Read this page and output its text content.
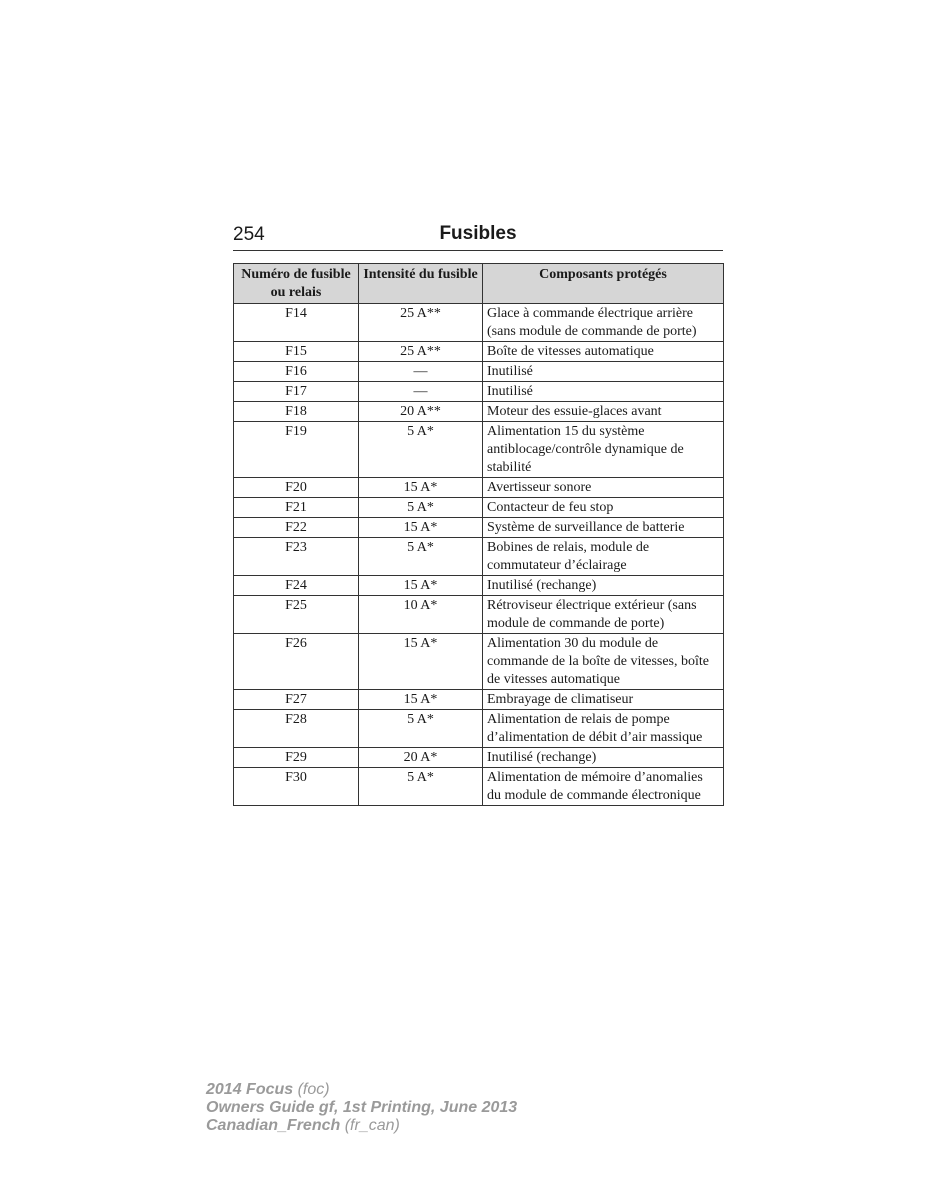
254	Fusibles
Numéro de fusible ou relais	Intensité du fusible	Composants protégés
F14	25 A**	Glace à commande électrique arrière (sans module de commande de porte)
F15	25 A**	Boîte de vitesses automatique
F16	—	Inutilisé
F17	—	Inutilisé
F18	20 A**	Moteur des essuie-glaces avant
F19	5 A*	Alimentation 15 du système antiblocage/contrôle dynamique de stabilité
F20	15 A*	Avertisseur sonore
F21	5 A*	Contacteur de feu stop
F22	15 A*	Système de surveillance de batterie
F23	5 A*	Bobines de relais, module de commutateur d’éclairage
F24	15 A*	Inutilisé (rechange)
F25	10 A*	Rétroviseur électrique extérieur (sans module de commande de porte)
F26	15 A*	Alimentation 30 du module de commande de la boîte de vitesses, boîte de vitesses automatique
F27	15 A*	Embrayage de climatiseur
F28	5 A*	Alimentation de relais de pompe d’alimentation de débit d’air massique
F29	20 A*	Inutilisé (rechange)
F30	5 A*	Alimentation de mémoire d’anomalies du module de commande électronique
2014 Focus (foc)
Owners Guide gf, 1st Printing, June 2013
Canadian_French (fr_can)
